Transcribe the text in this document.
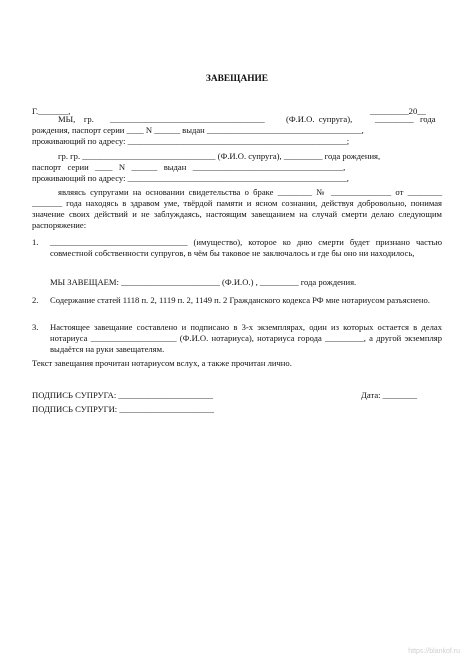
ЗАВЕЩАНИЕ
Г._______,	_________20__
МЫ,    гр. ____________________________________ (Ф.И.О.  супруга),	_________ года
рождения, паспорт серии ____ N ______ выдан ____________________________________,
проживающий по адресу: ___________________________________________________;
гр. гр. _______________________________ (Ф.И.О. супруга), _________ года рождения,
паспорт   серии   ____   N   ______   выдан   ___________________________________,
проживающий по адресу: ___________________________________________________,
являясь супругами на основании свидетельства о браке ________ № ______________ от ________ _______ года находясь в здравом уме, твёрдой памяти и ясном сознании, действуя добровольно, понимая значение своих действий и не заблуждаясь, настоящим завещанием на случай смерти делаю следующим распоряжение:
1. ________________________________ (имущество), которое ко дню смерти будет признано частью совместной собственности супругов, в чём бы таковое не заключалось и где бы оно ни находилось,
МЫ ЗАВЕЩАЕМ: _______________________ (Ф.И.О.) , _________ года рождения.
2. Содержание статей 1118 п. 2, 1119 п. 2, 1149 п. 2 Гражданского кодекса РФ мне нотариусом разъяснено.
3. Настоящее завещание составлено и подписано в 3-х экземплярах, один из которых остается в делах нотариуса ____________________ (Ф.И.О. нотариуса), нотариуса города _________, а другой экземпляр выдаётся на руки завещателям.
Текст завещания прочитан нотариусом вслух, а также прочитан лично.
ПОДПИСЬ СУПРУГА: ______________________	Дата: ________
ПОДПИСЬ СУПРУГИ: ______________________
https://blankof.ru
